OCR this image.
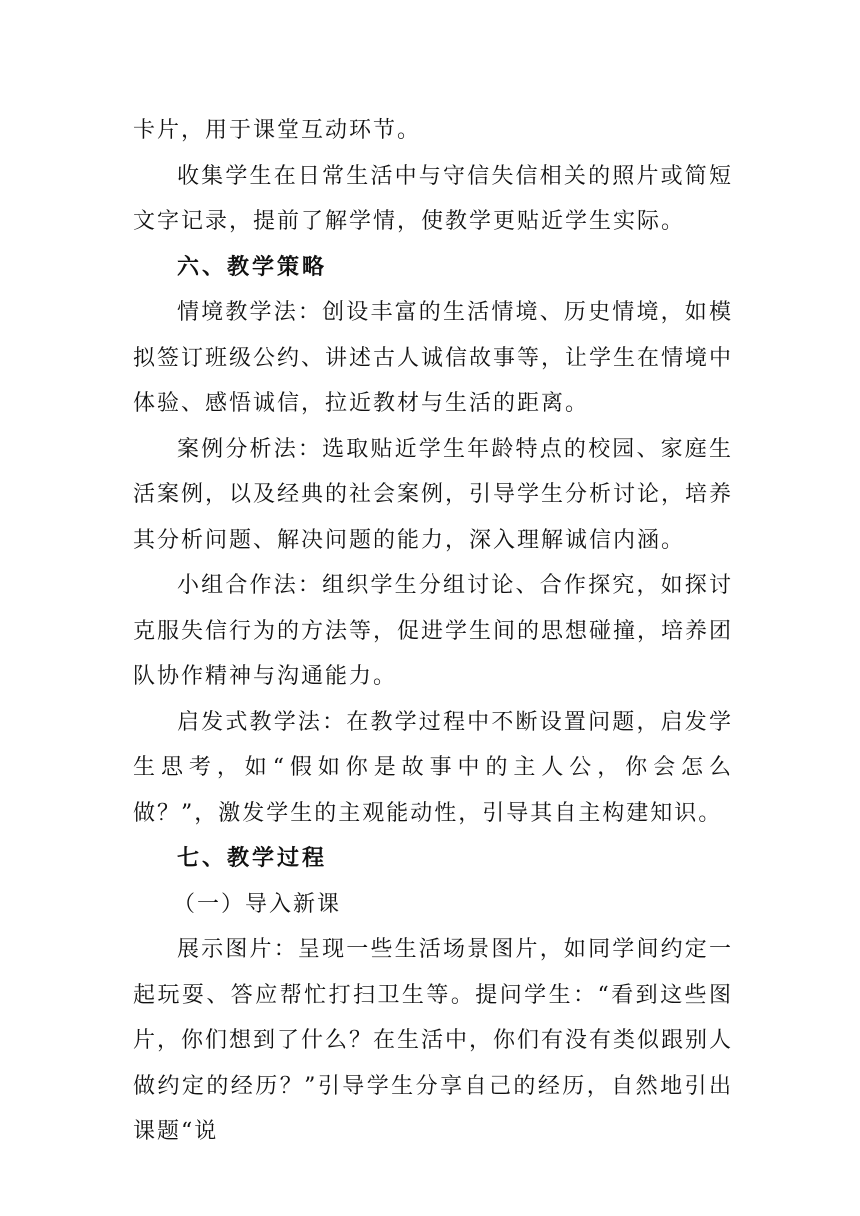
卡片，用于课堂互动环节。

收集学生在日常生活中与守信失信相关的照片或简短文字记录，提前了解学情，使教学更贴近学生实际。

六、教学策略

情境教学法：创设丰富的生活情境、历史情境，如模拟签订班级公约、讲述古人诚信故事等，让学生在情境中体验、感悟诚信，拉近教材与生活的距离。

案例分析法：选取贴近学生年龄特点的校园、家庭生活案例，以及经典的社会案例，引导学生分析讨论，培养其分析问题、解决问题的能力，深入理解诚信内涵。

小组合作法：组织学生分组讨论、合作探究，如探讨克服失信行为的方法等，促进学生间的思想碰撞，培养团队协作精神与沟通能力。

启发式教学法：在教学过程中不断设置问题，启发学生思考，如“假如你是故事中的主人公，你会怎么做？”，激发学生的主观能动性，引导其自主构建知识。

七、教学过程

（一）导入新课

展示图片：呈现一些生活场景图片，如同学间约定一起玩耍、答应帮忙打扫卫生等。提问学生：“看到这些图片，你们想到了什么？在生活中，你们有没有类似跟别人做约定的经历？”引导学生分享自己的经历，自然地引出课题“说
